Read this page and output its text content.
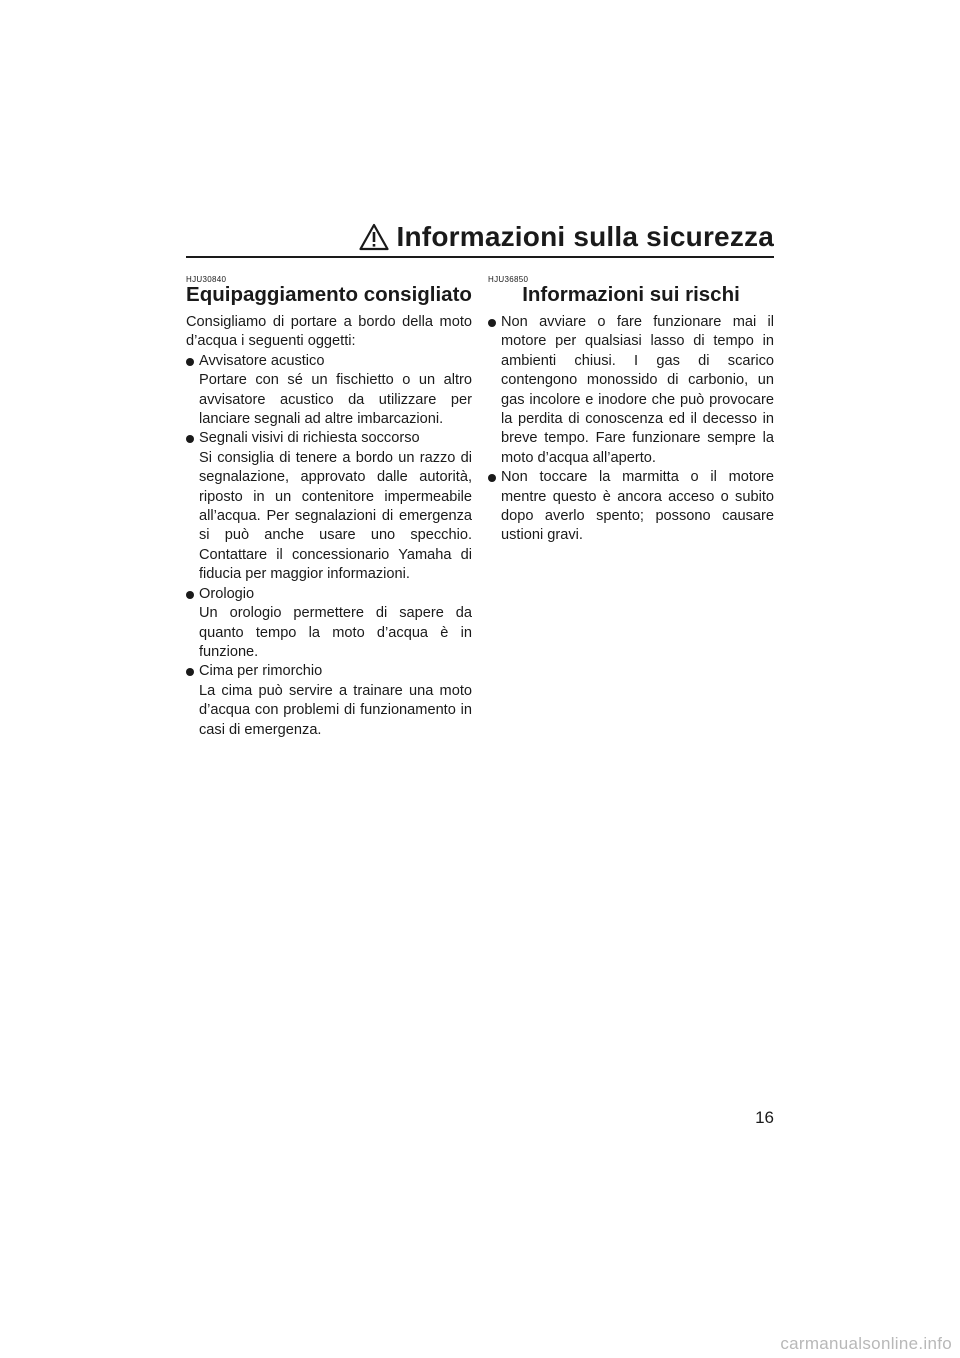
Informazioni sulla sicurezza
HJU30840
Equipaggiamento consigliato
Consigliamo di portare a bordo della moto d’acqua i seguenti oggetti:
Avvisatore acustico
Portare con sé un fischietto o un altro avvisatore acustico da utilizzare per lanciare segnali ad altre imbarcazioni.
Segnali visivi di richiesta soccorso
Si consiglia di tenere a bordo un razzo di segnalazione, approvato dalle autorità, riposto in un contenitore impermeabile all’acqua. Per segnalazioni di emergenza si può anche usare uno specchio. Contattare il concessionario Yamaha di fiducia per maggior informazioni.
Orologio
Un orologio permettere di sapere da quanto tempo la moto d’acqua è in funzione.
Cima per rimorchio
La cima può servire a trainare una moto d’acqua con problemi di funzionamento in casi di emergenza.
HJU36850
Informazioni sui rischi
Non avviare o fare funzionare mai il motore per qualsiasi lasso di tempo in ambienti chiusi. I gas di scarico contengono monossido di carbonio, un gas incolore e inodore che può provocare la perdita di conoscenza ed il decesso in breve tempo. Fare funzionare sempre la moto d’acqua all’aperto.
Non toccare la marmitta o il motore mentre questo è ancora acceso o subito dopo averlo spento; possono causare ustioni gravi.
16
carmanualsonline.info
